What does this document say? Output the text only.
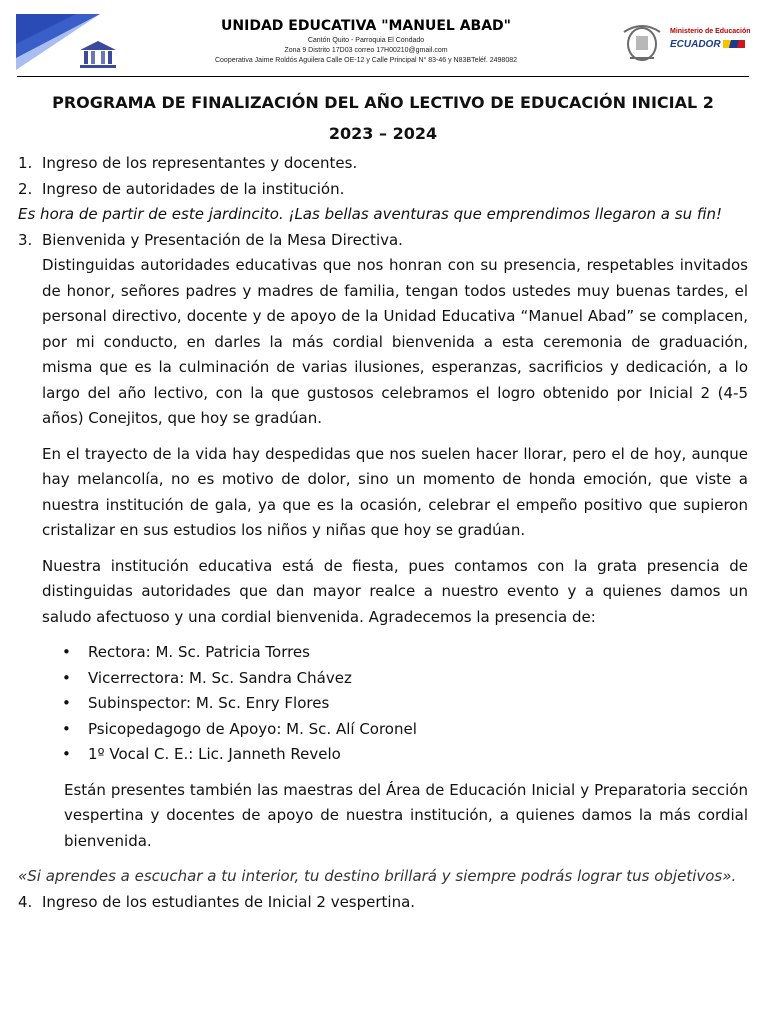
UNIDAD EDUCATIVA "MANUEL ABAD"
Cantón Quito - Parroquia El Condado
Zona 9 Distrito 17D03 correo 17H00210@gmail.com
Cooperativa Jaime Roldós Aguilera Calle OE-12 y Calle Principal N° 83-46 y N83BTeléf. 2498082
Ministerio de Educación
ECUADOR
PROGRAMA DE FINALIZACIÓN DEL AÑO LECTIVO DE EDUCACIÓN INICIAL 2
2023 – 2024
1. Ingreso de los representantes y docentes.
2. Ingreso de autoridades de la institución.
Es hora de partir de este jardincito. ¡Las bellas aventuras que emprendimos llegaron a su fin!
3. Bienvenida y Presentación de la Mesa Directiva.

Distinguidas autoridades educativas que nos honran con su presencia, respetables invitados de honor, señores padres y madres de familia, tengan todos ustedes muy buenas tardes, el personal directivo, docente y de apoyo de la Unidad Educativa “Manuel Abad” se complacen, por mi conducto, en darles la más cordial bienvenida a esta ceremonia de graduación, misma que es la culminación de varias ilusiones, esperanzas, sacrificios y dedicación, a lo largo del año lectivo, con la que gustosos celebramos el logro obtenido por Inicial 2 (4-5 años) Conejitos, que hoy se gradúan.

En el trayecto de la vida hay despedidas que nos suelen hacer llorar, pero el de hoy, aunque hay melancolía, no es motivo de dolor, sino un momento de honda emoción, que viste a nuestra institución de gala, ya que es la ocasión, celebrar el empeño positivo que supieron cristalizar en sus estudios los niños y niñas que hoy se gradúan.

Nuestra institución educativa está de fiesta, pues contamos con la grata presencia de distinguidas autoridades que dan mayor realce a nuestro evento y a quienes damos un saludo afectuoso y una cordial bienvenida. Agradecemos la presencia de:

• Rectora: M. Sc. Patricia Torres
• Vicerrectora: M. Sc. Sandra Chávez
• Subinspector: M. Sc. Enry Flores
• Psicopedagogo de Apoyo: M. Sc. Alí Coronel
• 1º Vocal C. E.: Lic. Janneth Revelo

Están presentes también las maestras del Área de Educación Inicial y Preparatoria sección vespertina y docentes de apoyo de nuestra institución, a quienes damos la más cordial bienvenida.

«Si aprendes a escuchar a tu interior, tu destino brillará y siempre podrás lograr tus objetivos».
4. Ingreso de los estudiantes de Inicial 2 vespertina.
